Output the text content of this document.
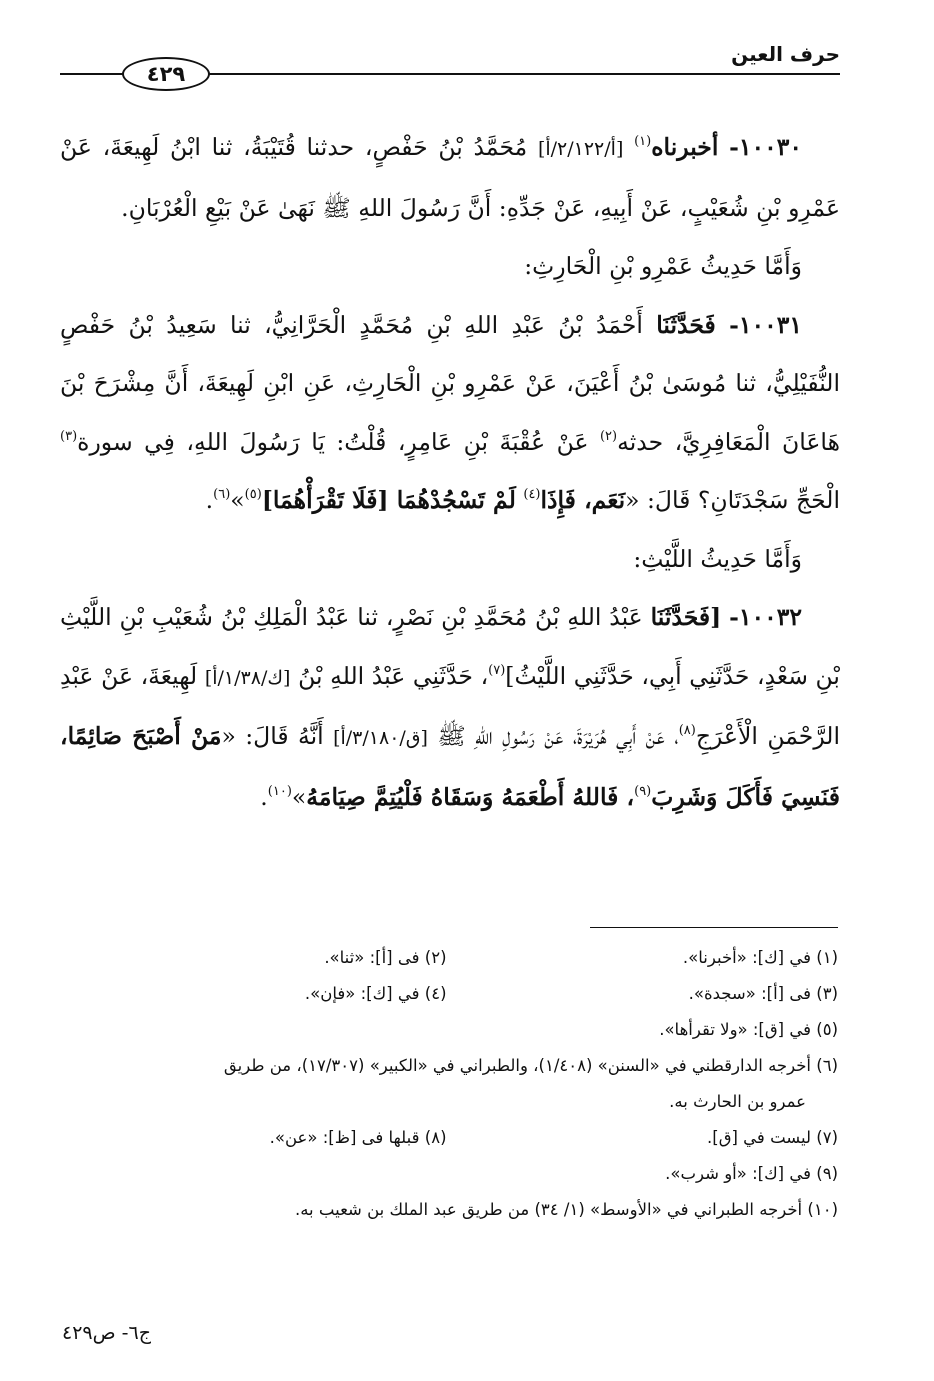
حرف العين
٤٢٩

١٠٠٣٠- أخبرناه$^{(١)}$ [أ/٢/١٢٢/أ] مُحَمَّدُ بْنُ حَفْصٍ، حدثنا قُتَيْبَةُ، ثنا ابْنُ لَهِيعَةَ، عَنْ عَمْرِو بْنِ شُعَيْبٍ، عَنْ أَبِيهِ، عَنْ جَدِّهِ: أَنَّ رَسُولَ اللهِ ﷺ نَهَىٰ عَنْ بَيْعِ الْعُرْبَانِ.

وَأَمَّا حَدِيثُ عَمْرِو بْنِ الْحَارِثِ:

١٠٠٣١- فَحَدَّثَنَا أَحْمَدُ بْنُ عَبْدِ اللهِ بْنِ مُحَمَّدٍ الْحَرَّانِيُّ، ثنا سَعِيدُ بْنُ حَفْصٍ النُّفَيْلِيُّ، ثنا مُوسَىٰ بْنُ أَعْيَنَ، عَنْ عَمْرِو بْنِ الْحَارِثِ، عَنِ ابْنِ لَهِيعَةَ، أَنَّ مِشْرَحَ بْنَ هَاعَانَ الْمَعَافِرِيَّ، حدثه$^{(٢)}$ عَنْ عُقْبَةَ بْنِ عَامِرٍ، قُلْتُ: يَا رَسُولَ اللهِ، فِي سورة$^{(٣)}$ الْحَجِّ سَجْدَتَانِ؟ قَالَ: «نَعَم، فَإِذَا$^{(٤)}$ لَمْ تَسْجُدْهُمَا [فَلَا تَقْرَأْهُمَا]$^{(٥)}$»$^{(٦)}$.

وَأَمَّا حَدِيثُ اللَّيْثِ:

١٠٠٣٢- [فَحَدَّثَنَا عَبْدُ اللهِ بْنُ مُحَمَّدِ بْنِ نَصْرٍ، ثنا عَبْدُ الْمَلِكِ بْنُ شُعَيْبِ بْنِ اللَّيْثِ بْنِ سَعْدٍ، حَدَّثَنِي أَبِي، حَدَّثَنِي اللَّيْثُ]$^{(٧)}$، حَدَّثَنِي عَبْدُ اللهِ بْنُ [ك/١/٣٨/أ] لَهِيعَةَ، عَنْ عَبْدِ الرَّحْمَنِ الْأَعْرَجِ$^{(٨)}$، عَنْ أَبِي هُرَيْرَةَ، عَنْ رَسُولِ اللهِ ﷺ [ق/٣/١٨٠/أ] أَنَّهُ قَالَ: «مَنْ أَصْبَحَ صَائِمًا، فَنَسِيَ فَأَكَلَ وَشَرِبَ$^{(٩)}$، فَاللهُ أَطْعَمَهُ وَسَقَاهُ فَلْيُتِمَّ صِيَامَهُ»$^{(١٠)}$.

(١) في [ك]: «أخبرنا».
(٢) فى [أ]: «ثنا».
(٣) فى [أ]: «سجدة».
(٤) في [ك]: «فإن».
(٥) في [ق]: «ولا تقرأها».
(٦) أخرجه الدارقطني في «السنن» (١/٤٠٨)، والطبراني في «الكبير» (١٧/٣٠٧)، من طريق
عمرو بن الحارث به.
(٧) ليست في [ق].
(٨) قبلها فى [ظ]: «عن».
(٩) في [ك]: «أو شرب».
(١٠) أخرجه الطبراني في «الأوسط» (١/ ٣٤) من طريق عبد الملك بن شعيب به.
ج٦- ص٤٢٩
